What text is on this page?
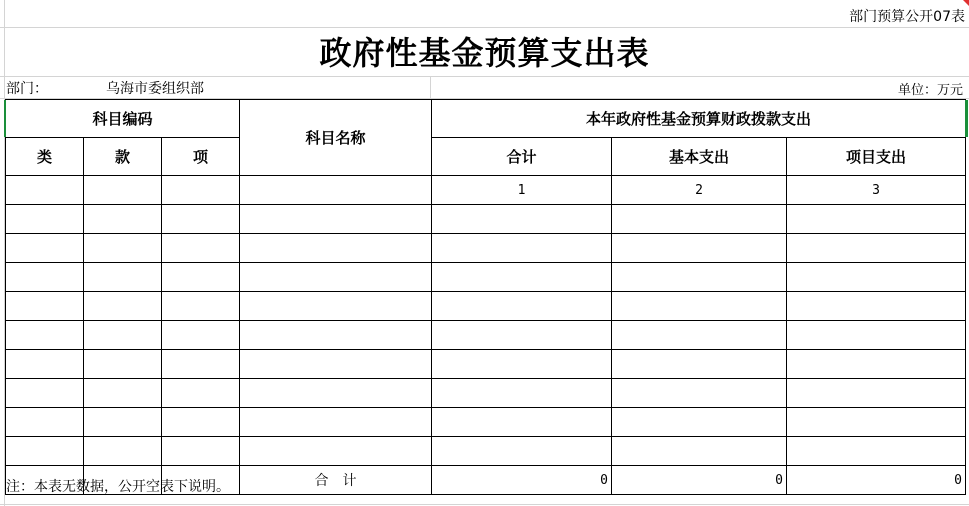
部门预算公开07表
政府性基金预算支出表
部门：	乌海市委组织部	单位：万元
科目编码			科目名称	本年政府性基金预算财政拨款支出		
类	款	项		合计	基本支出	项目支出
				1	2	3

			合　计	0	0	0
注：本表无数据，公开空表下说明。
